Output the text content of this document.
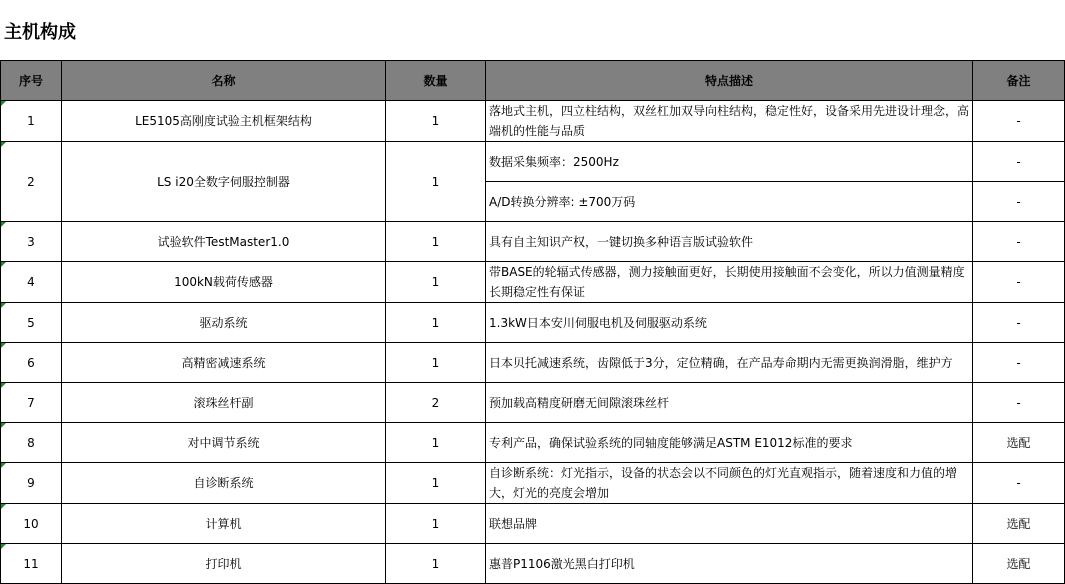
主机构成
序号	名称	数量	特点描述	备注
1	LE5105高刚度试验主机框架结构	1	落地式主机，四立柱结构，双丝杠加双导向柱结构，稳定性好，设备采用先进设计理念，高端机的性能与品质	-
2	LS i20全数字伺服控制器	1	数据采集频率：2500Hz	-
			A/D转换分辨率: ±700万码	-
3	试验软件TestMaster1.0	1	具有自主知识产权，一键切换多种语言版试验软件	-
4	100kN载荷传感器	1	带BASE的轮辐式传感器，测力接触面更好，长期使用接触面不会变化，所以力值测量精度长期稳定性有保证	-
5	驱动系统	1	1.3kW日本安川伺服电机及伺服驱动系统	-
6	高精密减速系统	1	日本贝托减速系统，齿隙低于3分，定位精确，在产品寿命期内无需更换润滑脂，维护方	-
7	滚珠丝杆副	2	预加载高精度研磨无间隙滚珠丝杆	-
8	对中调节系统	1	专利产品，确保试验系统的同轴度能够满足ASTM E1012标准的要求	选配
9	自诊断系统	1	自诊断系统：灯光指示，设备的状态会以不同颜色的灯光直观指示，随着速度和力值的增大，灯光的亮度会增加	-
10	计算机	1	联想品牌	选配
11	打印机	1	惠普P1106激光黑白打印机	选配
